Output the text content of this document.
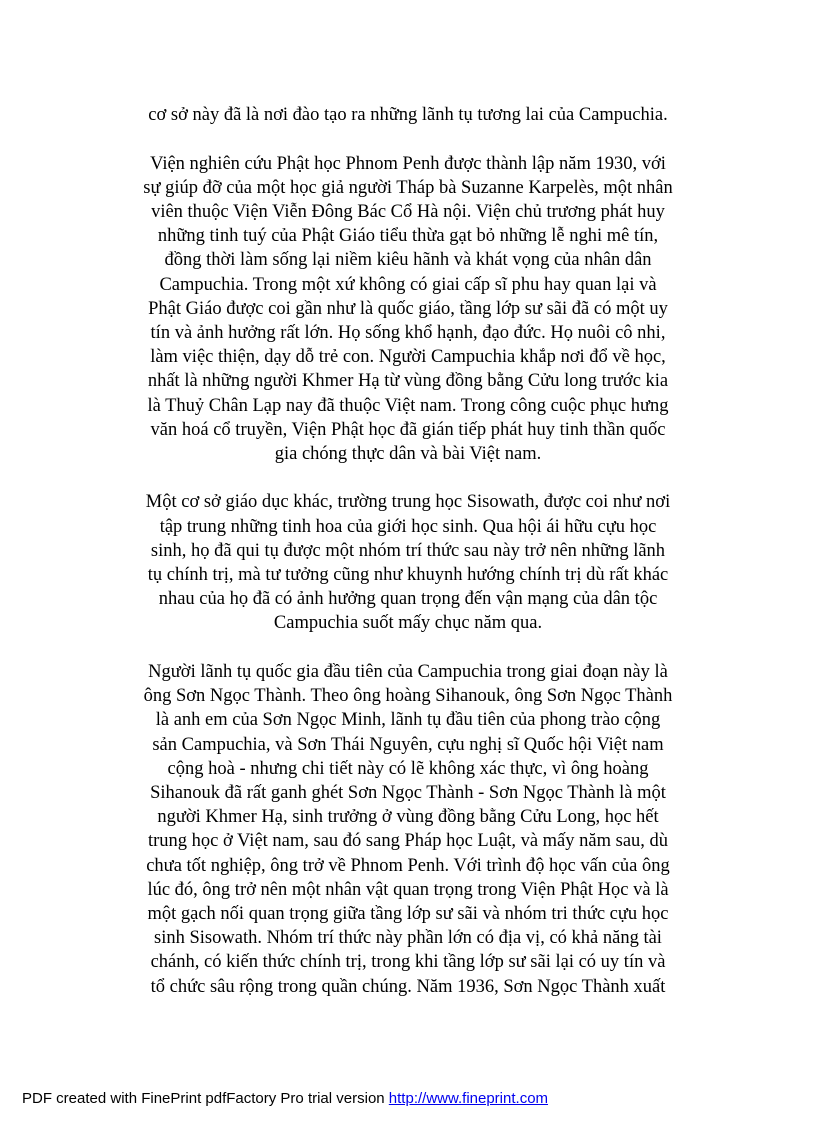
cơ sở này đã là nơi đào tạo ra những lãnh tụ tương lai của Campuchia.
Viện nghiên cứu Phật học Phnom Penh được thành lập năm 1930, với
sự giúp đỡ của một học giả người Tháp bà Suzanne Karpelès, một nhân
viên thuộc Viện Viễn Đông Bác Cổ Hà nội. Viện chủ trương phát huy
những tinh tuý của Phật Giáo tiểu thừa gạt bỏ những lễ nghi mê tín,
đồng thời làm sống lại niềm kiêu hãnh và khát vọng của nhân dân
Campuchia. Trong một xứ không có giai cấp sĩ phu hay quan lại và
Phật Giáo được coi gần như là quốc giáo, tầng lớp sư sãi đã có một uy
tín và ảnh hưởng rất lớn. Họ sống khổ hạnh, đạo đức. Họ nuôi cô nhi,
làm việc thiện, dạy dỗ trẻ con. Người Campuchia khắp nơi đổ về học,
nhất là những người Khmer Hạ từ vùng đồng bằng Cửu long trước kia
là Thuỷ Chân Lạp nay đã thuộc Việt nam. Trong công cuộc phục hưng
văn hoá cổ truyền, Viện Phật học đã gián tiếp phát huy tinh thần quốc
gia chóng thực dân và bài Việt nam.
Một cơ sở giáo dục khác, trường trung học Sisowath, được coi như nơi
tập trung những tinh hoa của giới học sinh. Qua hội ái hữu cựu học
sinh, họ đã qui tụ được một nhóm trí thức sau này trở nên những lãnh
tụ chính trị, mà tư tưởng cũng như khuynh hướng chính trị dù rất khác
nhau của họ đã có ảnh hưởng quan trọng đến vận mạng của dân tộc
Campuchia suốt mấy chục năm qua.
Người lãnh tụ quốc gia đầu tiên của Campuchia trong giai đoạn này là
ông Sơn Ngọc Thành. Theo ông hoàng Sihanouk, ông Sơn Ngọc Thành
là anh em của Sơn Ngọc Minh, lãnh tụ đầu tiên của phong trào cộng
sản Campuchia, và Sơn Thái Nguyên, cựu nghị sĩ Quốc hội Việt nam
cộng hoà - nhưng chi tiết này có lẽ không xác thực, vì ông hoàng
Sihanouk đã rất ganh ghét Sơn Ngọc Thành - Sơn Ngọc Thành là một
người Khmer Hạ, sinh trưởng ở vùng đồng bằng Cửu Long, học hết
trung học ở Việt nam, sau đó sang Pháp học Luật, và mấy năm sau, dù
chưa tốt nghiệp, ông trở về Phnom Penh. Với trình độ học vấn của ông
lúc đó, ông trở nên một nhân vật quan trọng trong Viện Phật Học và là
một gạch nối quan trọng giữa tầng lớp sư sãi và nhóm tri thức cựu học
sinh Sisowath. Nhóm trí thức này phần lớn có địa vị, có khả năng tài
chánh, có kiến thức chính trị, trong khi tầng lớp sư sãi lại có uy tín và
tổ chức sâu rộng trong quần chúng. Năm 1936, Sơn Ngọc Thành xuất
PDF created with FinePrint pdfFactory Pro trial version http://www.fineprint.com
